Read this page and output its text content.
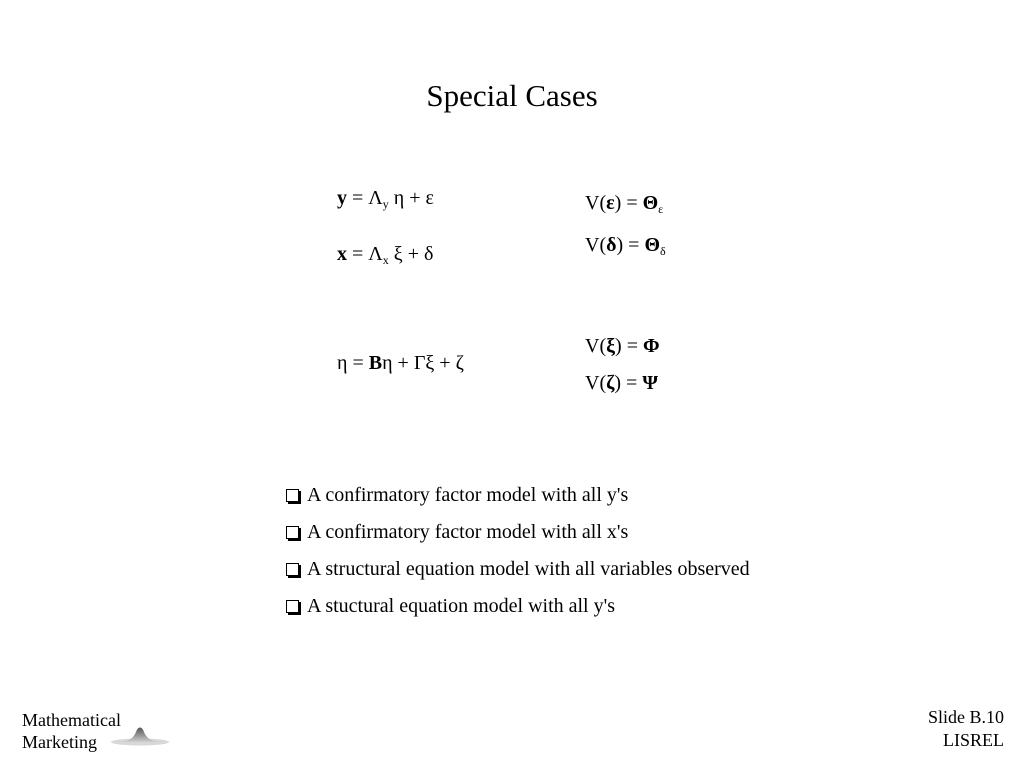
Special Cases
$y = \Lambda_y$ η + ε
$x = \Lambda_x$ ξ + δ
η = Bη + Γξ + ζ
$V(\varepsilon) = \Theta_\varepsilon$
$V(\delta) = \Theta_\delta$
V(ξ) = Φ
V(ζ) = Ψ
A confirmatory factor model with all y's
A confirmatory factor model with all x's
A structural equation model with all variables observed
A stuctural equation model with all y's
Mathematical
Marketing
Slide B.10
LISREL
